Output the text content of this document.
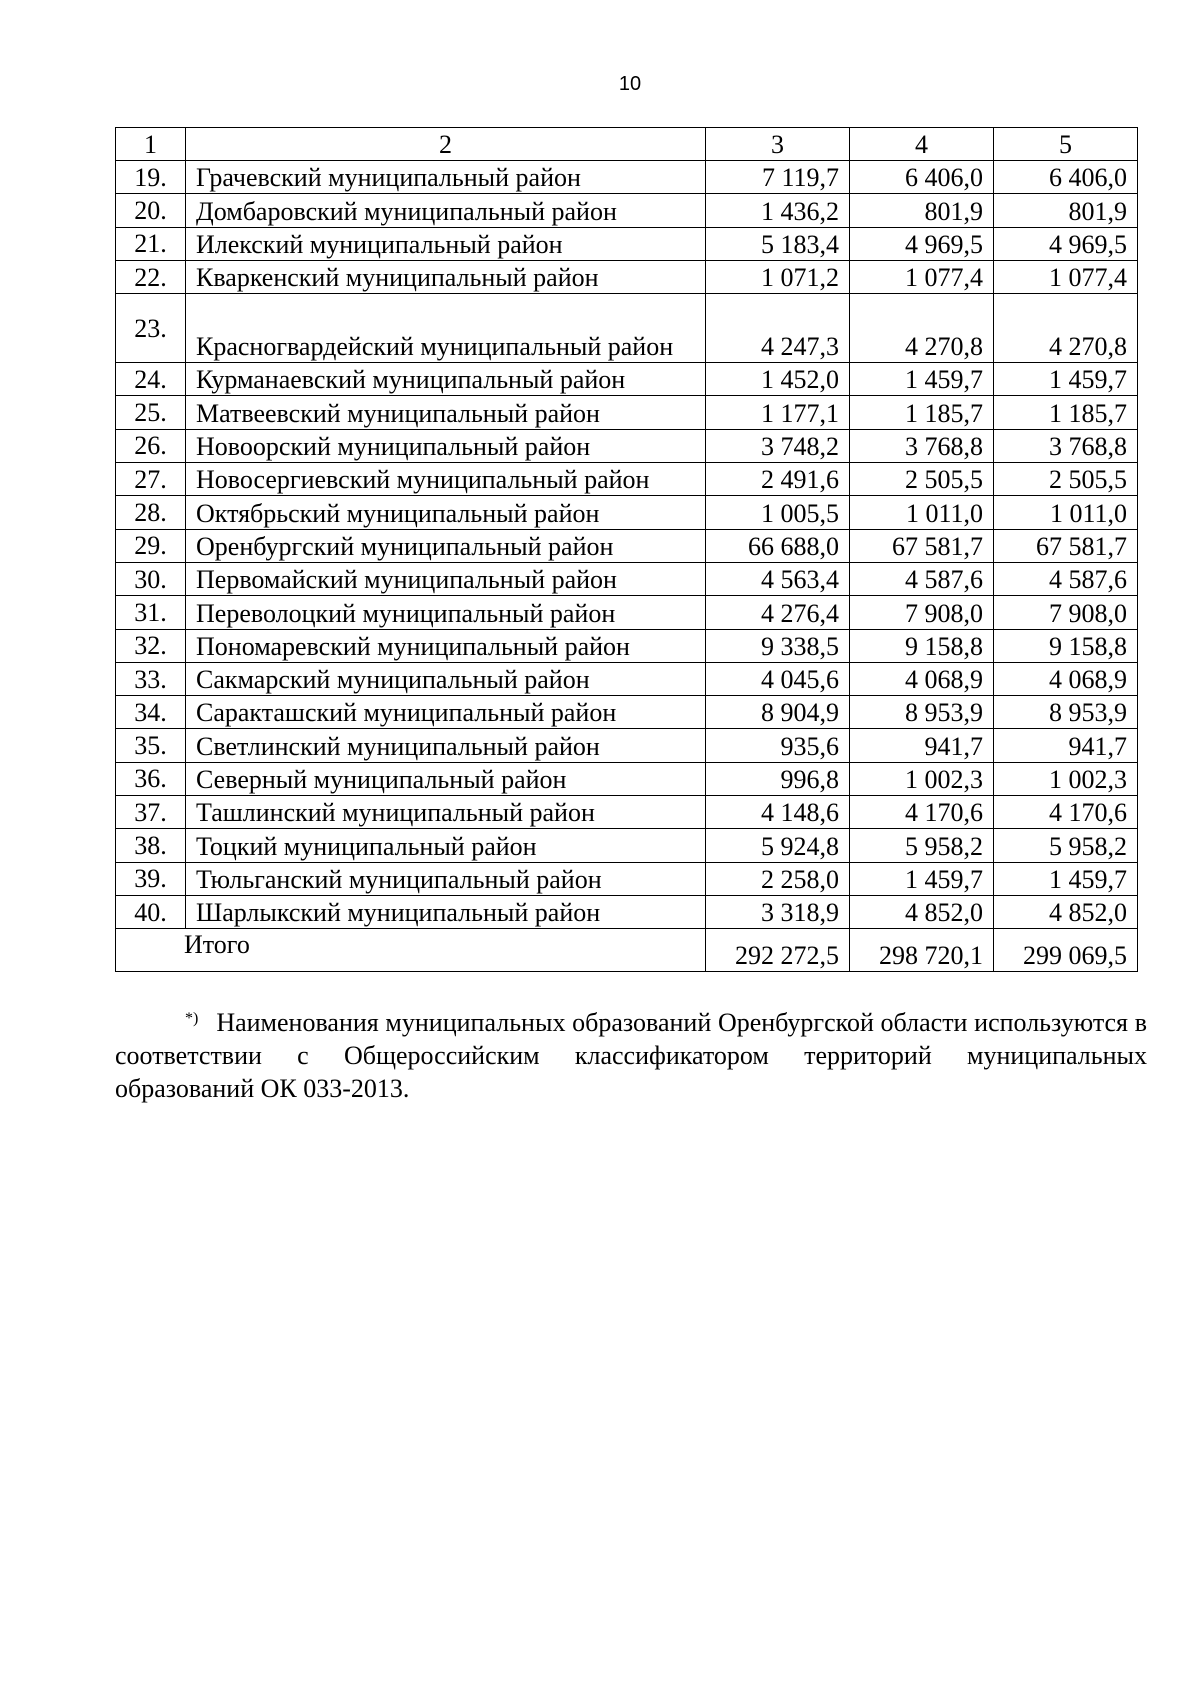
10
1	2	3	4	5
19.	Грачевский муниципальный район	7 119,7	6 406,0	6 406,0
20.	Домбаровский муниципальный район	1 436,2	801,9	801,9
21.	Илекский муниципальный район	5 183,4	4 969,5	4 969,5
22.	Кваркенский муниципальный район	1 071,2	1 077,4	1 077,4
23.	Красногвардейский муниципальный район	4 247,3	4 270,8	4 270,8
24.	Курманаевский муниципальный район	1 452,0	1 459,7	1 459,7
25.	Матвеевский муниципальный район	1 177,1	1 185,7	1 185,7
26.	Новоорский муниципальный район	3 748,2	3 768,8	3 768,8
27.	Новосергиевский муниципальный район	2 491,6	2 505,5	2 505,5
28.	Октябрьский муниципальный район	1 005,5	1 011,0	1 011,0
29.	Оренбургский муниципальный район	66 688,0	67 581,7	67 581,7
30.	Первомайский муниципальный район	4 563,4	4 587,6	4 587,6
31.	Переволоцкий муниципальный район	4 276,4	7 908,0	7 908,0
32.	Пономаревский муниципальный район	9 338,5	9 158,8	9 158,8
33.	Сакмарский муниципальный район	4 045,6	4 068,9	4 068,9
34.	Саракташский муниципальный район	8 904,9	8 953,9	8 953,9
35.	Светлинский муниципальный район	935,6	941,7	941,7
36.	Северный муниципальный район	996,8	1 002,3	1 002,3
37.	Ташлинский муниципальный район	4 148,6	4 170,6	4 170,6
38.	Тоцкий муниципальный район	5 924,8	5 958,2	5 958,2
39.	Тюльганский муниципальный район	2 258,0	1 459,7	1 459,7
40.	Шарлыкский муниципальный район	3 318,9	4 852,0	4 852,0
Итого		292 272,5	298 720,1	299 069,5
*) Наименования муниципальных образований Оренбургской области используются в соответствии с Общероссийским классификатором территорий муниципальных образований ОК 033-2013.
